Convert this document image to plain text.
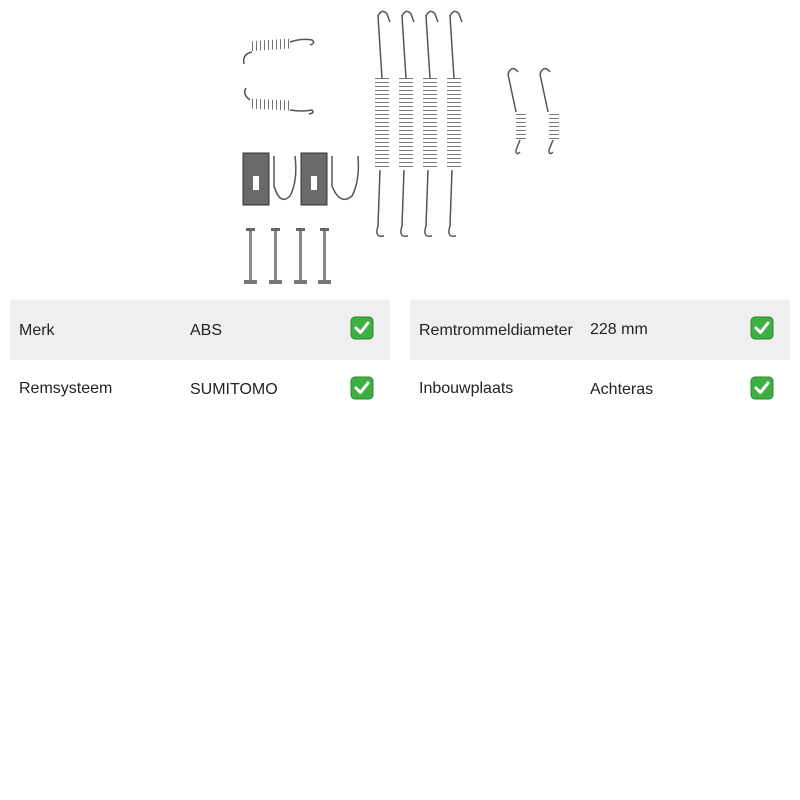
Merk	ABS
Remsysteem	SUMITOMO
Remtrommeldiameter 228 mm
Inbouwplaats	Achteras
